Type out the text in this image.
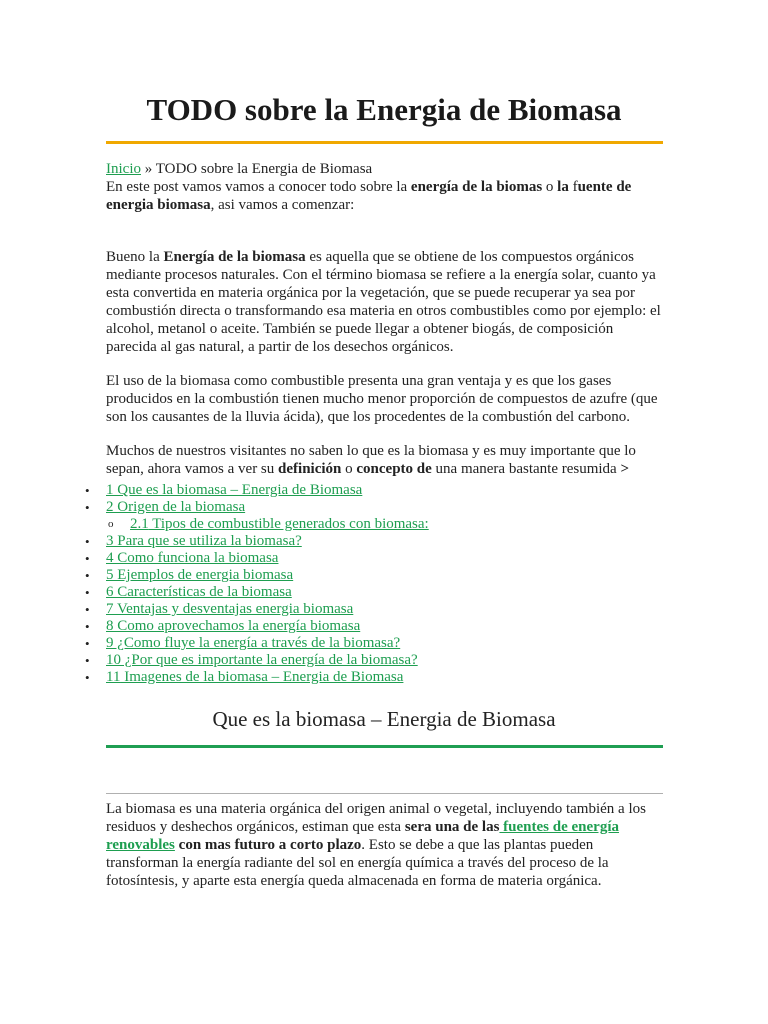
TODO sobre la Energia de Biomasa

Inicio » TODO sobre la Energia de Biomasa
En este post vamos vamos a conocer todo sobre la energía de la biomas o la fuente de energia biomasa, asi vamos a comenzar:

Bueno la Energía de la biomasa es aquella que se obtiene de los compuestos orgánicos mediante procesos naturales. Con el término biomasa se refiere a la energía solar, cuanto ya esta convertida en materia orgánica por la vegetación, que se puede recuperar ya sea por combustión directa o transformando esa materia en otros combustibles como por ejemplo: el alcohol, metanol o aceite. También se puede llegar a obtener biogás, de composición parecida al gas natural, a partir de los desechos orgánicos.

El uso de la biomasa como combustible presenta una gran ventaja y es que los gases producidos en la combustión tienen mucho menor proporción de compuestos de azufre (que son los causantes de la lluvia ácida), que los procedentes de la combustión del carbono.

Muchos de nuestros visitantes no saben lo que es la biomasa y es muy importante que lo sepan, ahora vamos a ver su definición o concepto de una manera bastante resumida >

• 1 Que es la biomasa – Energia de Biomasa
• 2 Origen de la biomasa
o 2.1 Tipos de combustible generados con biomasa:
• 3 Para que se utiliza la biomasa?
• 4 Como funciona la biomasa
• 5 Ejemplos de energia biomasa
• 6 Características de la biomasa
• 7 Ventajas y desventajas energia biomasa
• 8 Como aprovechamos la energía biomasa
• 9 ¿Como fluye la energía a través de la biomasa?
• 10 ¿Por que es importante la energía de la biomasa?
• 11 Imagenes de la biomasa – Energia de Biomasa
Que es la biomasa – Energia de Biomasa

La biomasa es una materia orgánica del origen animal o vegetal, incluyendo también a los residuos y deshechos orgánicos, estiman que esta sera una de las fuentes de energía renovables con mas futuro a corto plazo. Esto se debe a que las plantas pueden transforman la energía radiante del sol en energía química a través del proceso de la fotosíntesis, y aparte esta energía queda almacenada en forma de materia orgánica.
